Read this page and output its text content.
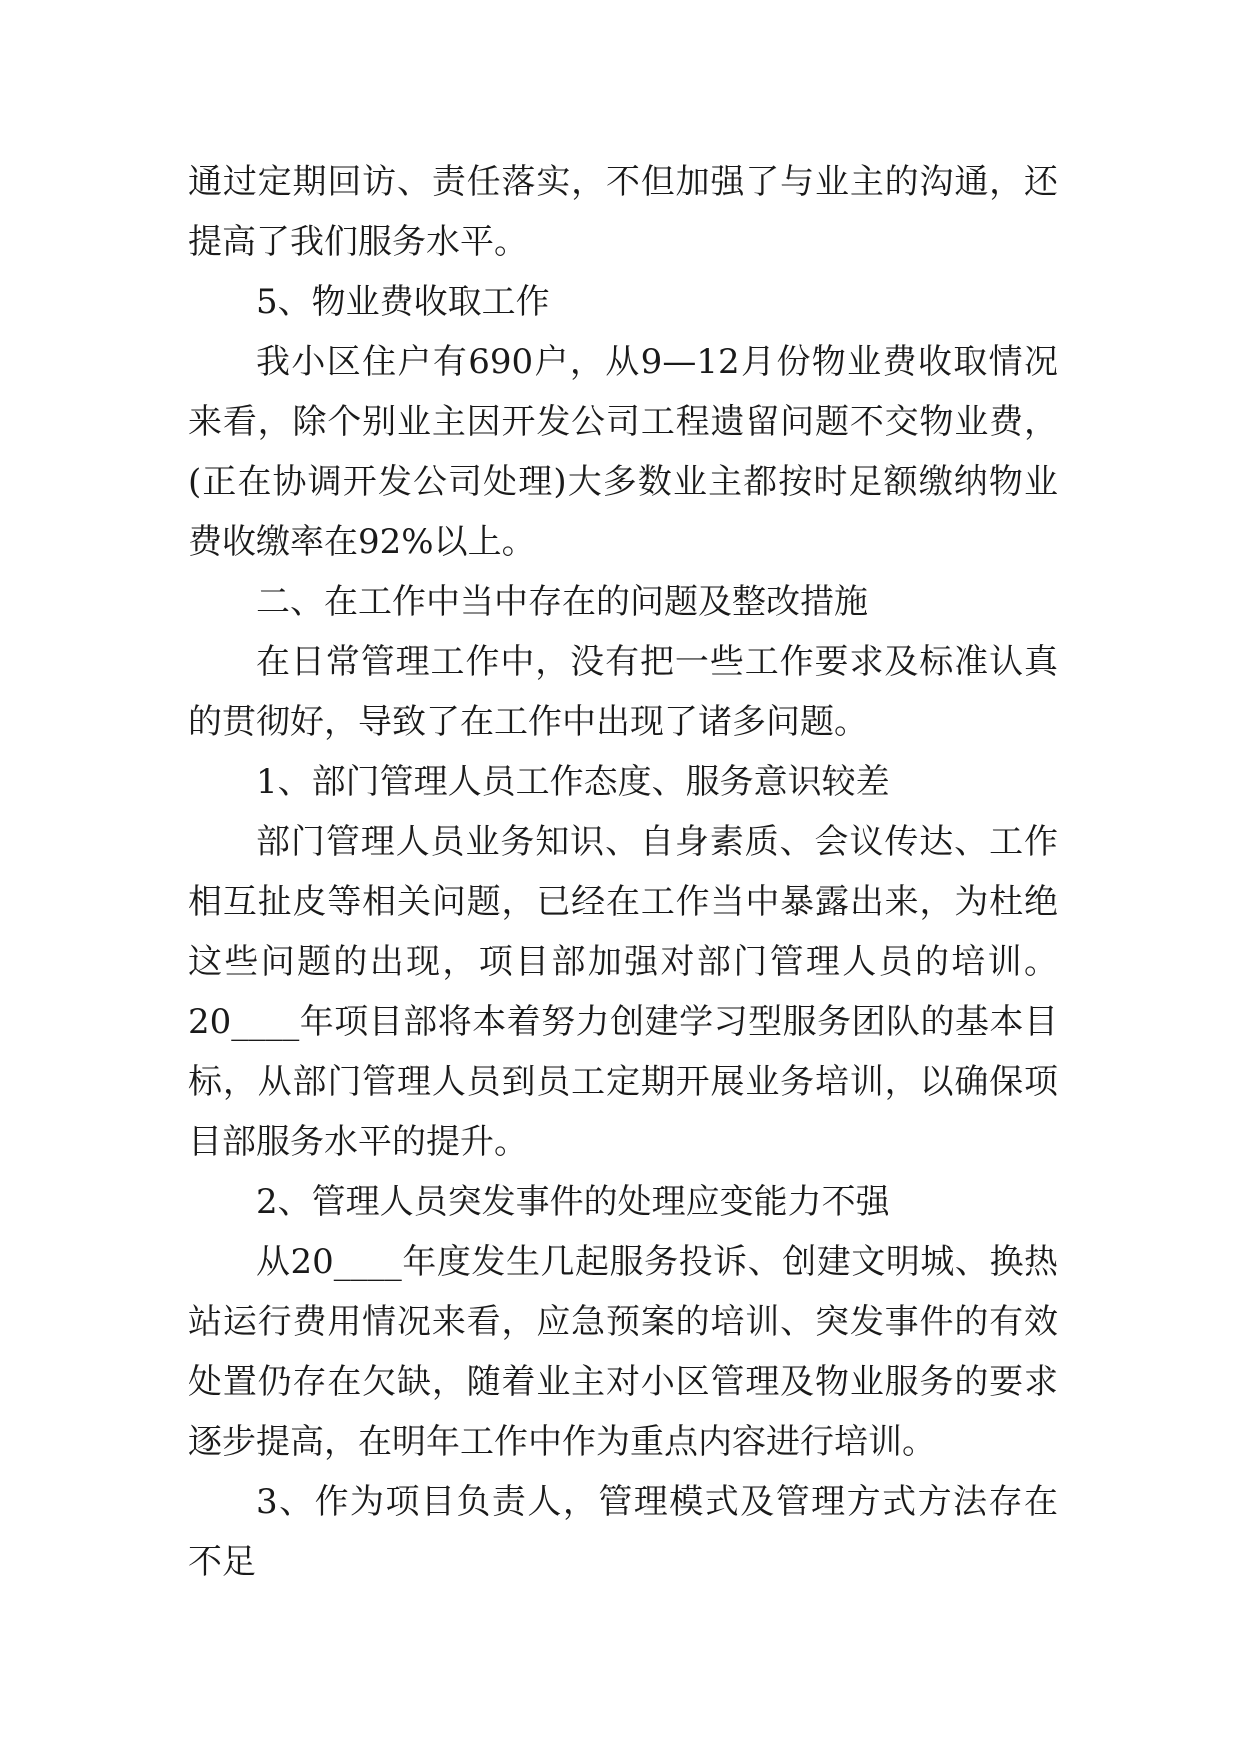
通过定期回访、责任落实，不但加强了与业主的沟通，还提高了我们服务水平。

5、物业费收取工作

我小区住户有690户，从9—12月份物业费收取情况来看，除个别业主因开发公司工程遗留问题不交物业费，(正在协调开发公司处理)大多数业主都按时足额缴纳物业费收缴率在92%以上。

二、在工作中当中存在的问题及整改措施

在日常管理工作中，没有把一些工作要求及标准认真的贯彻好，导致了在工作中出现了诸多问题。

1、部门管理人员工作态度、服务意识较差

部门管理人员业务知识、自身素质、会议传达、工作相互扯皮等相关问题，已经在工作当中暴露出来，为杜绝这些问题的出现，项目部加强对部门管理人员的培训。20____年项目部将本着努力创建学习型服务团队的基本目标，从部门管理人员到员工定期开展业务培训，以确保项目部服务水平的提升。

2、管理人员突发事件的处理应变能力不强

从20____年度发生几起服务投诉、创建文明城、换热站运行费用情况来看，应急预案的培训、突发事件的有效处置仍存在欠缺，随着业主对小区管理及物业服务的要求逐步提高，在明年工作中作为重点内容进行培训。

3、作为项目负责人，管理模式及管理方式方法存在不足
